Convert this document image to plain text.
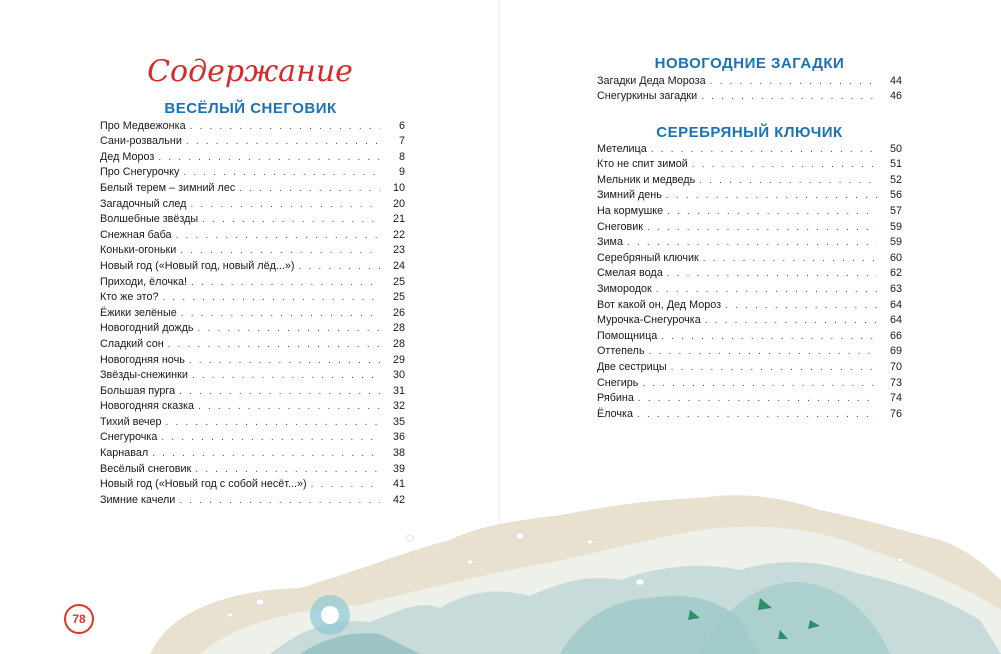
Содержание
ВЕСЁЛЫЙ СНЕГОВИК
Про Медвежонка . . .	6
Сани-розвальни . . .	7
Дед Мороз . . .	8
Про Снегурочку . . .	9
Белый терем – зимний лес . . .	10
Загадочный след . . .	20
Волшебные звёзды . . .	21
Снежная баба . . .	22
Коньки-огоньки . . .	23
Новый год («Новый год, новый лёд...») . . .	24
Приходи, ёлочка! . . .	25
Кто же это? . . .	25
Ёжики зелёные . . .	26
Новогодний дождь . . .	28
Сладкий сон . . .	28
Новогодняя ночь . . .	29
Звёзды-снежинки . . .	30
Большая пурга . . .	31
Новогодняя сказка . . .	32
Тихий вечер . . .	35
Снегурочка . . .	36
Карнавал . . .	38
Весёлый снеговик . . .	39
Новый год («Новый год с собой несёт...») . . .	41
Зимние качели . . .	42
НОВОГОДНИЕ ЗАГАДКИ
Загадки Деда Мороза . . .	44
Снегуркины загадки . . .	46
СЕРЕБРЯНЫЙ КЛЮЧИК
Метелица . . .	50
Кто не спит зимой . . .	51
Мельник и медведь . . .	52
Зимний день . . .	56
На кормушке . . .	57
Снеговик . . .	59
Зима . . .	59
Серебряный ключик . . .	60
Смелая вода . . .	62
Зимородок . . .	63
Вот какой он, Дед Мороз . . .	64
Мурочка-Снегурочка . . .	64
Помощница . . .	66
Оттепель . . .	69
Две сестрицы . . .	70
Снегирь . . .	73
Рябина . . .	74
Ёлочка . . .	76
78
